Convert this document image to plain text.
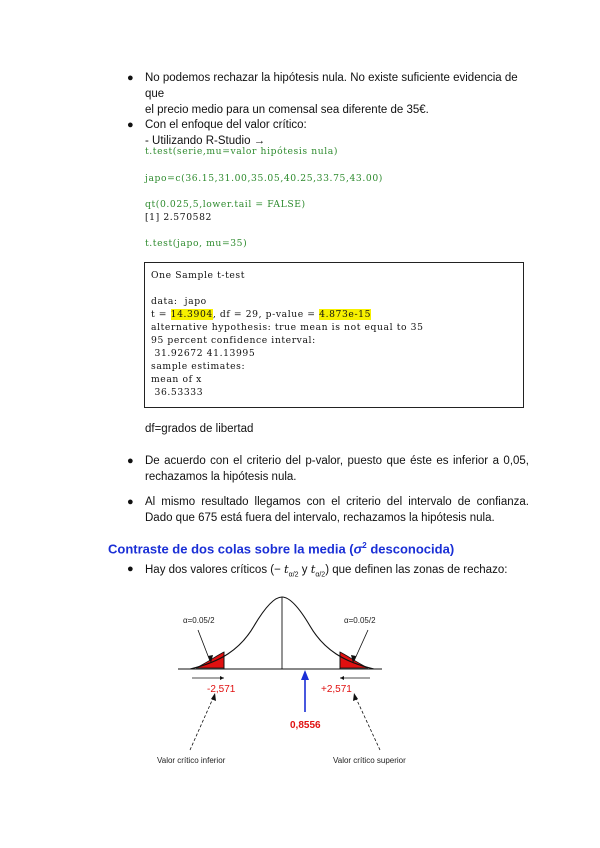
● No podemos rechazar la hipótesis nula. No existe suficiente evidencia de que
el precio medio para un comensal sea diferente de 35€.
● Con el enfoque del valor crítico:
- Utilizando R-Studio →
t.test(serie,mu=valor hipótesis nula)
japo=c(36.15,31.00,35.05,40.25,33.75,43.00)
qt(0.025,5,lower.tail = FALSE)
[1] 2.570582
t.test(japo, mu=35)
One Sample t-test
data:  japo
t = 14.3904, df = 29, p-value = 4.873e-15
alternative hypothesis: true mean is not equal to 35
95 percent confidence interval:
31.92672 41.13995
sample estimates:
mean of x
36.53333
df=grados de libertad
● De acuerdo con el criterio del p-valor, puesto que éste es inferior a 0,05, rechazamos la hipótesis nula.
● Al mismo resultado llegamos con el criterio del intervalo de confianza. Dado que 675 está fuera del intervalo, rechazamos la hipótesis nula.
Contraste de dos colas sobre la media ($\sigma^2$ desconocida)
● Hay dos valores críticos (− $t_{\alpha/2}$ y $t_{\alpha/2}$) que definen las zonas de rechazo:
α=0.05/2	α=0.05/2
-2,571	+2,571
0,8556
Valor crítico inferior	Valor crítico superior
